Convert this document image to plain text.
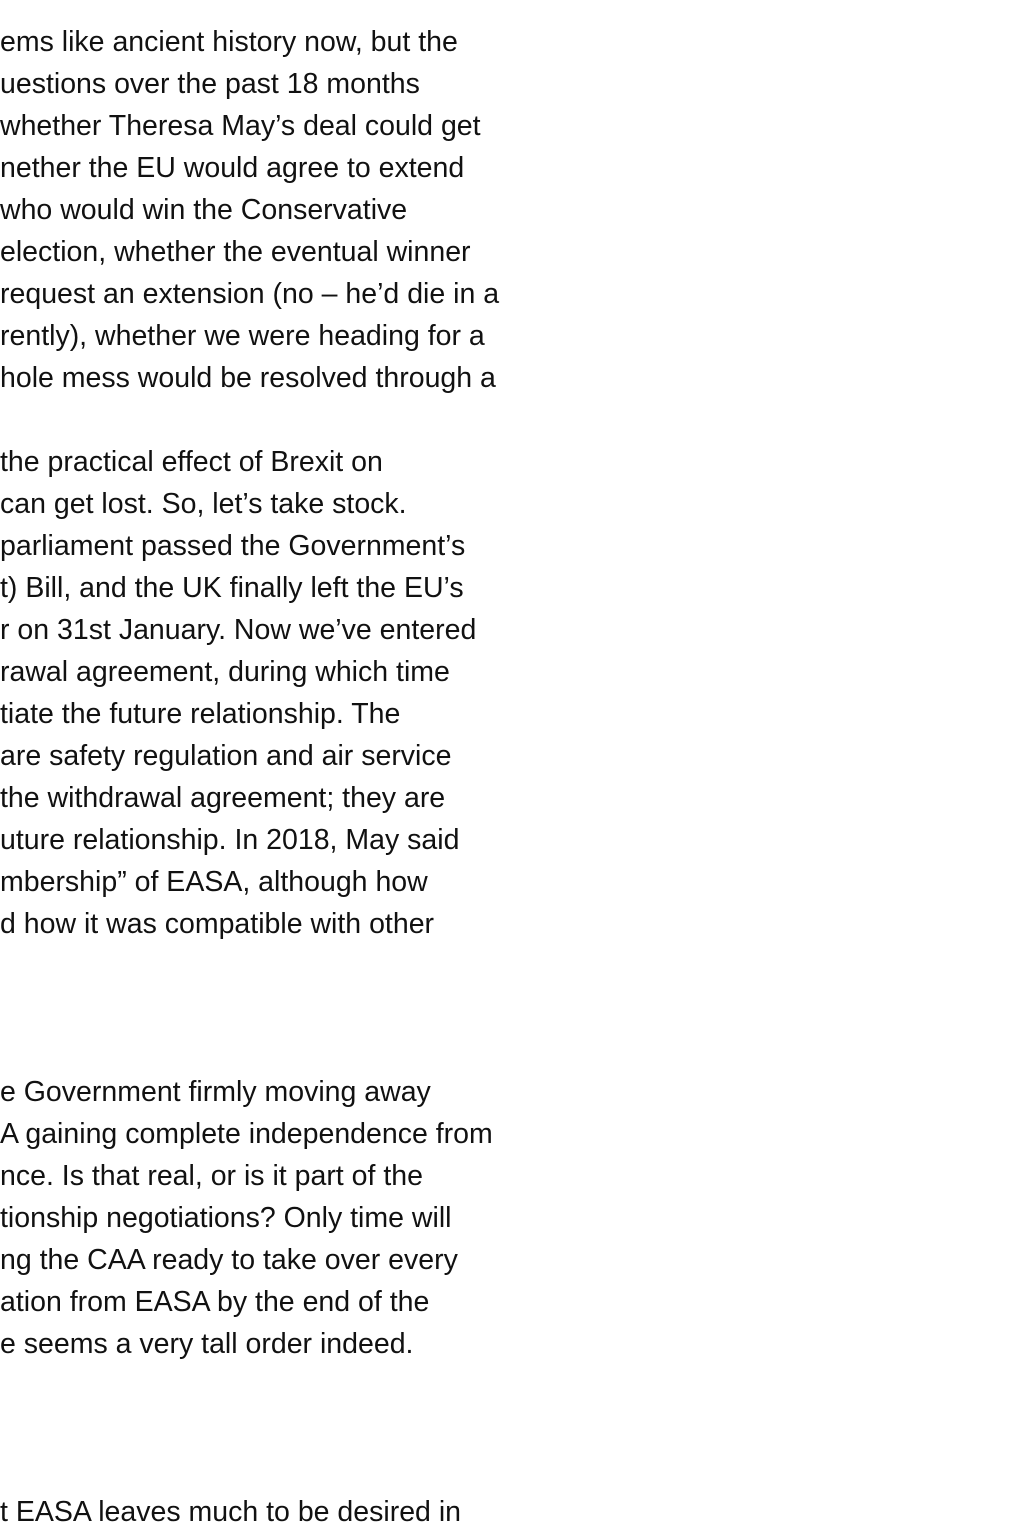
ems like ancient history now, but the
uestions over the past 18 months
whether Theresa May’s deal could get
nether the EU would agree to extend
who would win the Conservative
election, whether the eventual winner
request an extension (no – he’d die in a
rently), whether we were heading for a
hole mess would be resolved through a
the practical effect of Brexit on
can get lost. So, let’s take stock.
parliament passed the Government’s
t) Bill, and the UK finally left the EU’s
r on 31st January. Now we’ve entered
rawal agreement, during which time
tiate the future relationship. The
are safety regulation and air service
the withdrawal agreement; they are
uture relationship. In 2018, May said
mbership” of EASA, although how
d how it was compatible with other
e Government firmly moving away
A gaining complete independence from
nce. Is that real, or is it part of the
tionship negotiations? Only time will
ng the CAA ready to take over every
ation from EASA by the end of the
e seems a very tall order indeed.
t EASA leaves much to be desired in
